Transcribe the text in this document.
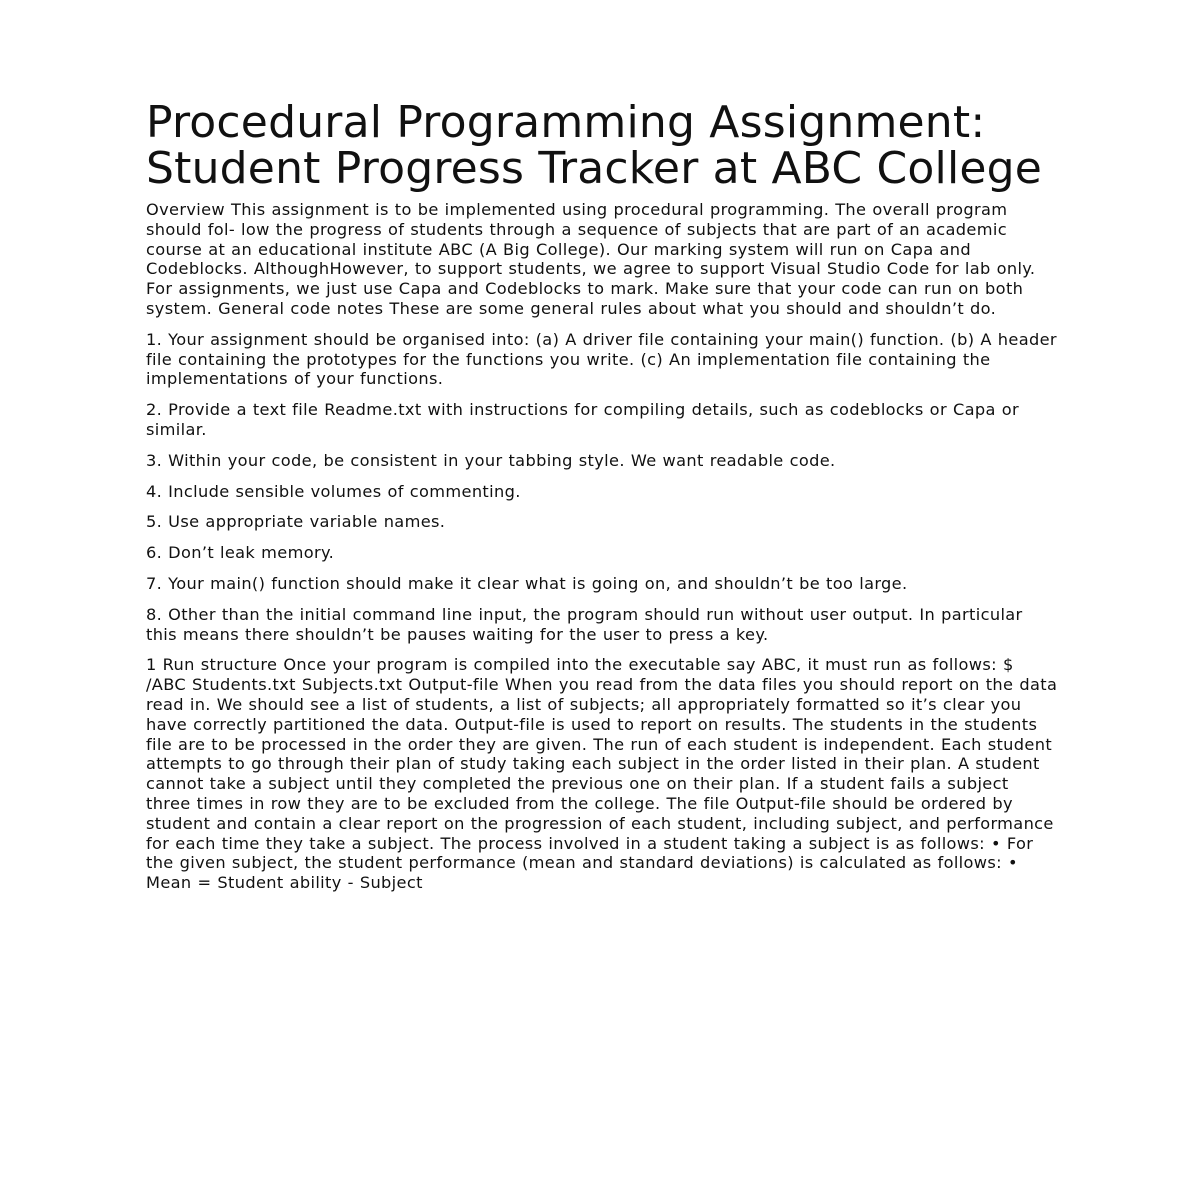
Procedural Programming Assignment: Student Progress Tracker at ABC College

Overview This assignment is to be implemented using procedural programming. The overall program should fol- low the progress of students through a sequence of subjects that are part of an academic course at an educational institute ABC (A Big College). Our marking system will run on Capa and Codeblocks. AlthoughHowever, to support students, we agree to support Visual Studio Code for lab only. For assignments, we just use Capa and Codeblocks to mark. Make sure that your code can run on both system. General code notes These are some general rules about what you should and shouldn’t do.

1. Your assignment should be organised into: (a) A driver file containing your main() function. (b) A header file containing the prototypes for the functions you write. (c) An implementation file containing the implementations of your functions.

2. Provide a text file Readme.txt with instructions for compiling details, such as codeblocks or Capa or similar.

3. Within your code, be consistent in your tabbing style. We want readable code.

4. Include sensible volumes of commenting.

5. Use appropriate variable names.

6. Don’t leak memory.

7. Your main() function should make it clear what is going on, and shouldn’t be too large.

8. Other than the initial command line input, the program should run without user output. In particular this means there shouldn’t be pauses waiting for the user to press a key.

1 Run structure Once your program is compiled into the executable say ABC, it must run as follows: $ /ABC Students.txt Subjects.txt Output-file When you read from the data files you should report on the data read in. We should see a list of students, a list of subjects; all appropriately formatted so it’s clear you have correctly partitioned the data. Output-file is used to report on results. The students in the students file are to be processed in the order they are given. The run of each student is independent. Each student attempts to go through their plan of study taking each subject in the order listed in their plan. A student cannot take a subject until they completed the previous one on their plan. If a student fails a subject three times in row they are to be excluded from the college. The file Output-file should be ordered by student and contain a clear report on the progression of each student, including subject, and performance for each time they take a subject. The process involved in a student taking a subject is as follows: • For the given subject, the student performance (mean and standard deviations) is calculated as follows: • Mean = Student ability - Subject
